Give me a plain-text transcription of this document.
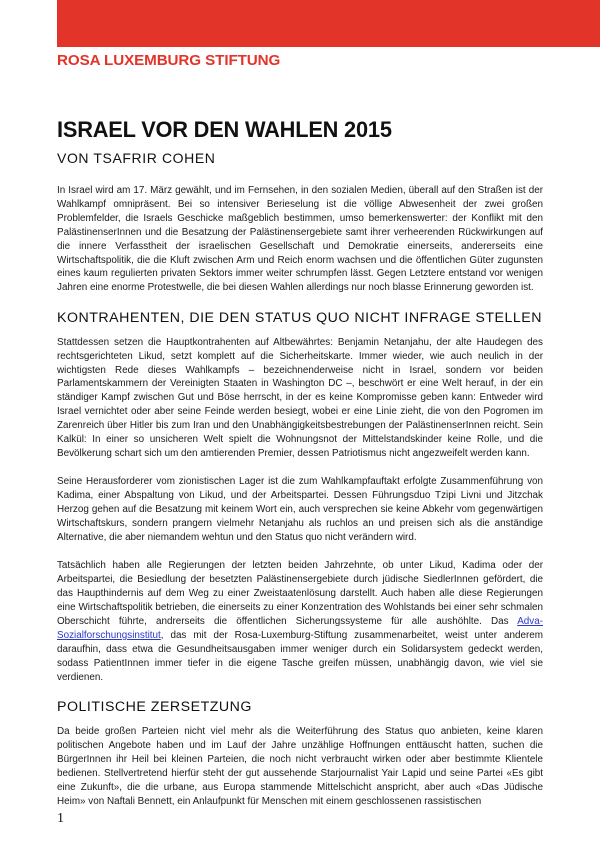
ROSA LUXEMBURG STIFTUNG
ISRAEL VOR DEN WAHLEN 2015
VON TSAFRIR COHEN

In Israel wird am 17. März gewählt, und im Fernsehen, in den sozialen Medien, überall auf den Straßen ist der Wahlkampf omnipräsent. Bei so intensiver Berieselung ist die völlige Abwesenheit der zwei großen Problemfelder, die Israels Geschicke maßgeblich bestimmen, umso bemerkenswerter: der Konflikt mit den PalästinenserInnen und die Besatzung der Palästinensergebiete samt ihrer verheerenden Rückwirkungen auf die innere Verfasstheit der israelischen Gesellschaft und Demokratie einerseits, andererseits eine Wirtschaftspolitik, die die Kluft zwischen Arm und Reich enorm wachsen und die öffentlichen Güter zugunsten eines kaum regulierten privaten Sektors immer weiter schrumpfen lässt. Gegen Letztere entstand vor wenigen Jahren eine enorme Protestwelle, die bei diesen Wahlen allerdings nur noch blasse Erinnerung geworden ist.

KONTRAHENTEN, DIE DEN STATUS QUO NICHT INFRAGE STELLEN

Stattdessen setzen die Hauptkontrahenten auf Altbewährtes: Benjamin Netanjahu, der alte Haudegen des rechtsgerichteten Likud, setzt komplett auf die Sicherheitskarte. Immer wieder, wie auch neulich in der wichtigsten Rede dieses Wahlkampfs – bezeichnenderweise nicht in Israel, sondern vor beiden Parlamentskammern der Vereinigten Staaten in Washington DC –, beschwört er eine Welt herauf, in der ein ständiger Kampf zwischen Gut und Böse herrscht, in der es keine Kompromisse geben kann: Entweder wird Israel vernichtet oder aber seine Feinde werden besiegt, wobei er eine Linie zieht, die von den Pogromen im Zarenreich über Hitler bis zum Iran und den Unabhängigkeitsbestrebungen der PalästinenserInnen reicht. Sein Kalkül: In einer so unsicheren Welt spielt die Wohnungsnot der Mittelstandskinder keine Rolle, und die Bevölkerung schart sich um den amtierenden Premier, dessen Patriotismus nicht angezweifelt werden kann.

Seine Herausforderer vom zionistischen Lager ist die zum Wahlkampfauftakt erfolgte Zusammenführung von Kadima, einer Abspaltung von Likud, und der Arbeitspartei. Dessen Führungsduo Tzipi Livni und Jitzchak Herzog gehen auf die Besatzung mit keinem Wort ein, auch versprechen sie keine Abkehr vom gegenwärtigen Wirtschaftskurs, sondern prangern vielmehr Netanjahu als ruchlos an und preisen sich als die anständige Alternative, die aber niemandem wehtun und den Status quo nicht verändern wird.

Tatsächlich haben alle Regierungen der letzten beiden Jahrzehnte, ob unter Likud, Kadima oder der Arbeitspartei, die Besiedlung der besetzten Palästinensergebiete durch jüdische SiedlerInnen gefördert, die das Haupthindernis auf dem Weg zu einer Zweistaatenlösung darstellt. Auch haben alle diese Regierungen eine Wirtschaftspolitik betrieben, die einerseits zu einer Konzentration des Wohlstands bei einer sehr schmalen Oberschicht führte, andrerseits die öffentlichen Sicherungssysteme für alle aushöhlte. Das Adva-Sozialforschungsinstitut, das mit der Rosa-Luxemburg-Stiftung zusammenarbeitet, weist unter anderem daraufhin, dass etwa die Gesundheitsausgaben immer weniger durch ein Solidarsystem gedeckt werden, sodass PatientInnen immer tiefer in die eigene Tasche greifen müssen, unabhängig davon, wie viel sie verdienen.

POLITISCHE ZERSETZUNG

Da beide großen Parteien nicht viel mehr als die Weiterführung des Status quo anbieten, keine klaren politischen Angebote haben und im Lauf der Jahre unzählige Hoffnungen enttäuscht hatten, suchen die BürgerInnen ihr Heil bei kleinen Parteien, die noch nicht verbraucht wirken oder aber bestimmte Klientele bedienen. Stellvertretend hierfür steht der gut aussehende Starjournalist Yair Lapid und seine Partei «Es gibt eine Zukunft», die die urbane, aus Europa stammende Mittelschicht anspricht, aber auch «Das Jüdische Heim» von Naftali Bennett, ein Anlaufpunkt für Menschen mit einem geschlossenen rassistischen

1
